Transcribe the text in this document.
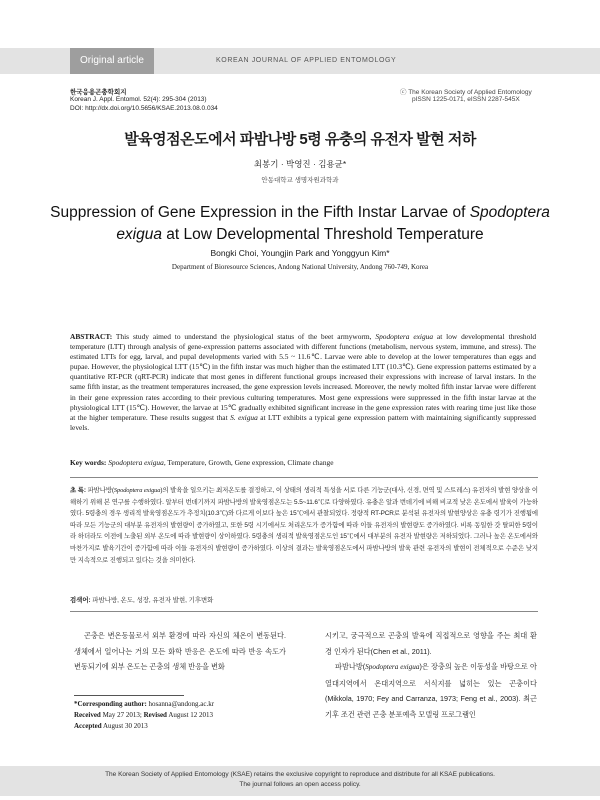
Original article	KOREAN JOURNAL OF APPLIED ENTOMOLOGY
한국응용곤충학회지
Korean J. Appl. Entomol. 52(4): 295-304 (2013)
DOI: http://dx.doi.org/10.5656/KSAE.2013.08.0.034
ⓒ The Korean Society of Applied Entomology
pISSN 1225-0171, eISSN 2287-545X
발육영점온도에서 파밤나방 5령 유충의 유전자 발현 저하
최봉기 · 박영진 · 김용균*
안동대학교 생명자원과학과
Suppression of Gene Expression in the Fifth Instar Larvae of Spodoptera exigua at Low Developmental Threshold Temperature
Bongki Choi, Youngjin Park and Yonggyun Kim*
Department of Bioresource Sciences, Andong National University, Andong 760-749, Korea
ABSTRACT: This study aimed to understand the physiological status of the beet armyworm, Spodoptera exigua at low developmental threshold temperature (LTT) through analysis of gene-expression patterns associated with different functions (metabolism, nervous system, immune, and stress). The estimated LTTs for egg, larval, and pupal developments varied with 5.5 ~ 11.6℃. Larvae were able to develop at the lower temperatures than eggs and pupae. However, the physiological LTT (15℃) in the fifth instar was much higher than the estimated LTT (10.3℃). Gene expression patterns estimated by a quantitative RT-PCR (qRT-PCR) indicate that most genes in different functional groups increased their expressions with increase of larval instars. In the same fifth instar, as the treatment temperatures increased, the gene expression levels increased. Moreover, the newly molted fifth instar larvae were different in their gene expression rates according to their previous culturing temperatures. Most gene expressions were suppressed in the fifth instar larvae at the physiological LTT (15℃). However, the larvae at 15℃ gradually exhibited significant increase in the gene expression rates with rearing time just like those at the higher temperature. These results suggest that S. exigua at LTT exhibits a typical gene expression pattern with maintaining significantly suppressed levels.
Key words: Spodoptera exigua, Temperature, Growth, Gene expression, Climate change
초 록: 파밤나방(Spodoptera exigua)의 발육을 일으키는 최저온도를 결정하고, 이 상태의 생리적 특성을 서로 다른 기능군(대사, 신경, 면역 및 스트레스) 유전자의 발현 양상을 이해하기 위해 본 연구를 수행하였다. 알부터 번데기까지 파밤나방의 발육영점온도는 5.5~11.6℃로 다양하였다. 유충은 알과 번데기에 비해 비교적 낮은 온도에서 발육이 가능하였다. 5령충의 경우 생리적 발육영점온도가 추정치(10.3℃)와 다르게 이보다 높은 15℃에서 관찰되었다. 정량적 RT-PCR로 분석된 유전자의 발현양상은 유충 령기가 진행됨에 따라 모든 기능군의 대부분 유전자의 발현량이 증가하였고, 또한 5령 시기에서도 처리온도가 증가함에 따라 이들 유전자의 발현량도 증가하였다. 비록 동일한 갓 탈피한 5령이라 하더라도 이전에 노출된 외부 온도에 따라 발현량이 상이하였다. 5령충의 생리적 발육영점온도인 15℃에서 대부분의 유전자 발현량은 저하되었다. 그러나 높은 온도에서와 마찬가지로 발육기간이 증가함에 따라 이들 유전자의 발현량이 증가하였다. 이상의 결과는 발육영점온도에서 파밤나방의 발육 관련 유전자의 발현이 전체적으로 수준은 낮지만 지속적으로 진행되고 있다는 것을 의미한다.
검색어: 파밤나방, 온도, 성장, 유전자 발현, 기후변화

곤충은 변온동물로서 외부 환경에 따라 자신의 체온이 변동된다. 생체에서 일어나는 거의 모든 화학 반응은 온도에 따라 반응 속도가 변동되기에 외부 온도는 곤충의 생체 반응을 변화

시키고, 궁극적으로 곤충의 발육에 직접적으로 영향을 주는 최대 환경 인자가 된다(Chen et al., 2011).

파밤나방(Spodoptera exigua)은 장충의 높은 이동성을 바탕으로 아열대지역에서 온대지역으로 서식지를 넓히는 있는 곤충이다(Mikkola, 1970; Fey and Carranza, 1973; Feng et al., 2003). 최근 기후 조건 관련 곤충 분포예측 모델링 프로그램인

*Corresponding author: hosanna@andong.ac.kr
Received May 27 2013; Revised August 12 2013
Accepted August 30 2013
The Korean Society of Applied Entomology (KSAE) retains the exclusive copyright to reproduce and distribute for all KSAE publications.
The journal follows an open access policy.
